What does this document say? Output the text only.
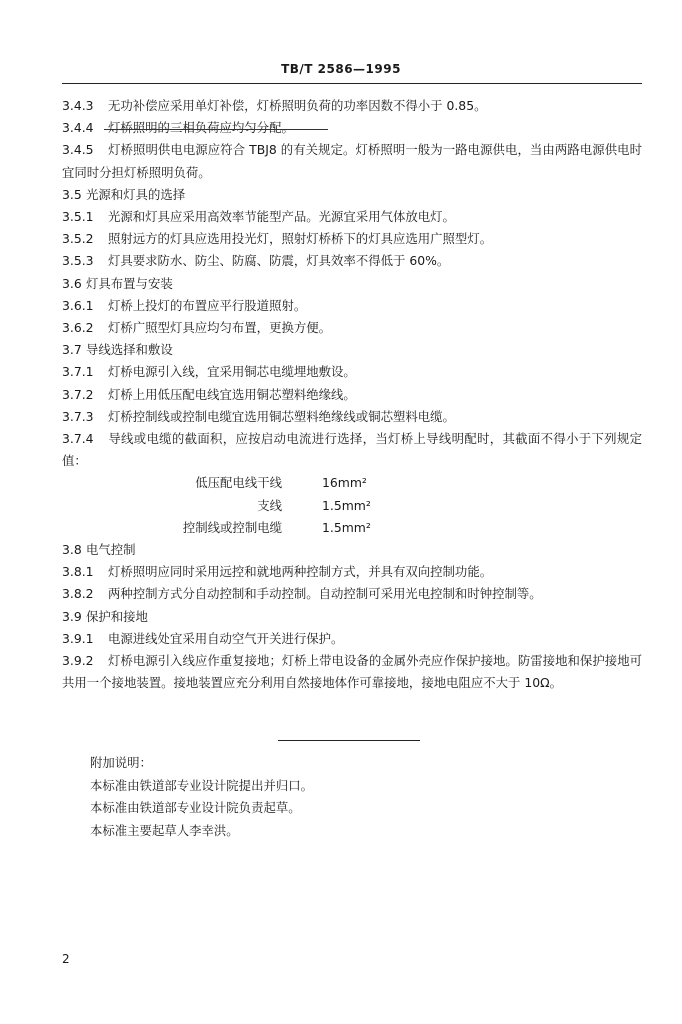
TB/T 2586—1995

3.4.3 无功补偿应采用单灯补偿，灯桥照明负荷的功率因数不得小于 0.85。

3.4.4 灯桥照明的三相负荷应均匀分配。

3.4.5 灯桥照明供电电源应符合 TBJ8 的有关规定。灯桥照明一般为一路电源供电，当由两路电源供电时宜同时分担灯桥照明负荷。

3.5 光源和灯具的选择

3.5.1 光源和灯具应采用高效率节能型产品。光源宜采用气体放电灯。

3.5.2 照射远方的灯具应选用投光灯，照射灯桥桥下的灯具应选用广照型灯。

3.5.3 灯具要求防水、防尘、防腐、防震，灯具效率不得低于 60%。

3.6 灯具布置与安装

3.6.1 灯桥上投灯的布置应平行股道照射。

3.6.2 灯桥广照型灯具应均匀布置，更换方便。

3.7 导线选择和敷设

3.7.1 灯桥电源引入线，宜采用铜芯电缆埋地敷设。

3.7.2 灯桥上用低压配电线宜选用铜芯塑料绝缘线。

3.7.3 灯桥控制线或控制电缆宜选用铜芯塑料绝缘线或铜芯塑料电缆。

3.7.4 导线或电缆的截面积，应按启动电流进行选择，当灯桥上导线明配时，其截面不得小于下列规定值：

低压配电线干线	16mm²
支线	1.5mm²
控制线或控制电缆	1.5mm²

3.8 电气控制

3.8.1 灯桥照明应同时采用远控和就地两种控制方式，并具有双向控制功能。

3.8.2 两种控制方式分自动控制和手动控制。自动控制可采用光电控制和时钟控制等。

3.9 保护和接地

3.9.1 电源进线处宜采用自动空气开关进行保护。

3.9.2 灯桥电源引入线应作重复接地；灯桥上带电设备的金属外壳应作保护接地。防雷接地和保护接地可共用一个接地装置。接地装置应充分利用自然接地体作可靠接地，接地电阻应不大于 10Ω。

附加说明：
本标准由铁道部专业设计院提出并归口。
本标准由铁道部专业设计院负责起草。
本标准主要起草人李幸洪。
2
